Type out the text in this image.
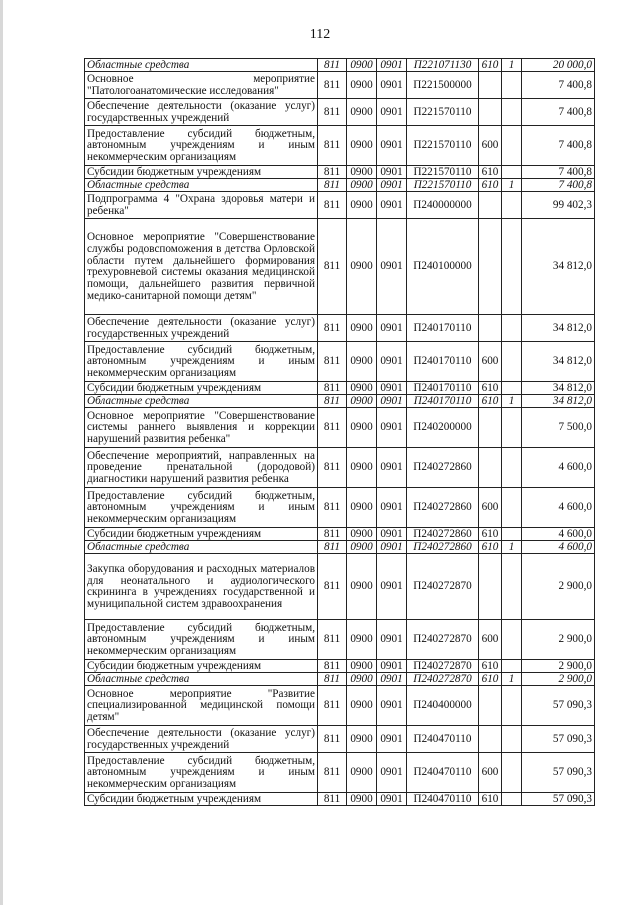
112
Областные средства	811	0900	0901	П221071130	610	1	20 000,0
Основное мероприятие "Патологоанатомические исследования"	811	0900	0901	П221500000			7 400,8
Обеспечение деятельности (оказание услуг) государственных учреждений	811	0900	0901	П221570110			7 400,8
Предоставление субсидий бюджетным, автономным учреждениям и иным некоммерческим организациям	811	0900	0901	П221570110	600		7 400,8
Субсидии бюджетным учреждениям	811	0900	0901	П221570110	610		7 400,8
Областные средства	811	0900	0901	П221570110	610	1	7 400,8
Подпрограмма 4 "Охрана здоровья матери и ребенка"	811	0900	0901	П240000000			99 402,3
Основное мероприятие "Совершенствование службы родовспоможения в детства Орловской области путем дальнейшего формирования трехуровневой системы оказания медицинской помощи, дальнейшего развития первичной медико-санитарной помощи детям"	811	0900	0901	П240100000			34 812,0
Обеспечение деятельности (оказание услуг) государственных учреждений	811	0900	0901	П240170110			34 812,0
Предоставление субсидий бюджетным, автономным учреждениям и иным некоммерческим организациям	811	0900	0901	П240170110	600		34 812,0
Субсидии бюджетным учреждениям	811	0900	0901	П240170110	610		34 812,0
Областные средства	811	0900	0901	П240170110	610	1	34 812,0
Основное мероприятие "Совершенствование системы раннего выявления и коррекции нарушений развития ребенка"	811	0900	0901	П240200000			7 500,0
Обеспечение мероприятий, направленных на проведение пренатальной (дородовой) диагностики нарушений развития ребенка	811	0900	0901	П240272860			4 600,0
Предоставление субсидий бюджетным, автономным учреждениям и иным некоммерческим организациям	811	0900	0901	П240272860	600		4 600,0
Субсидии бюджетным учреждениям	811	0900	0901	П240272860	610		4 600,0
Областные средства	811	0900	0901	П240272860	610	1	4 600,0
Закупка оборудования и расходных материалов для неонатального и аудиологического скрининга в учреждениях государственной и муниципальной систем здравоохранения	811	0900	0901	П240272870			2 900,0
Предоставление субсидий бюджетным, автономным учреждениям и иным некоммерческим организациям	811	0900	0901	П240272870	600		2 900,0
Субсидии бюджетным учреждениям	811	0900	0901	П240272870	610		2 900,0
Областные средства	811	0900	0901	П240272870	610	1	2 900,0
Основное мероприятие "Развитие специализированной медицинской помощи детям"	811	0900	0901	П240400000			57 090,3
Обеспечение деятельности (оказание услуг) государственных учреждений	811	0900	0901	П240470110			57 090,3
Предоставление субсидий бюджетным, автономным учреждениям и иным некоммерческим организациям	811	0900	0901	П240470110	600		57 090,3
Субсидии бюджетным учреждениям	811	0900	0901	П240470110	610		57 090,3
